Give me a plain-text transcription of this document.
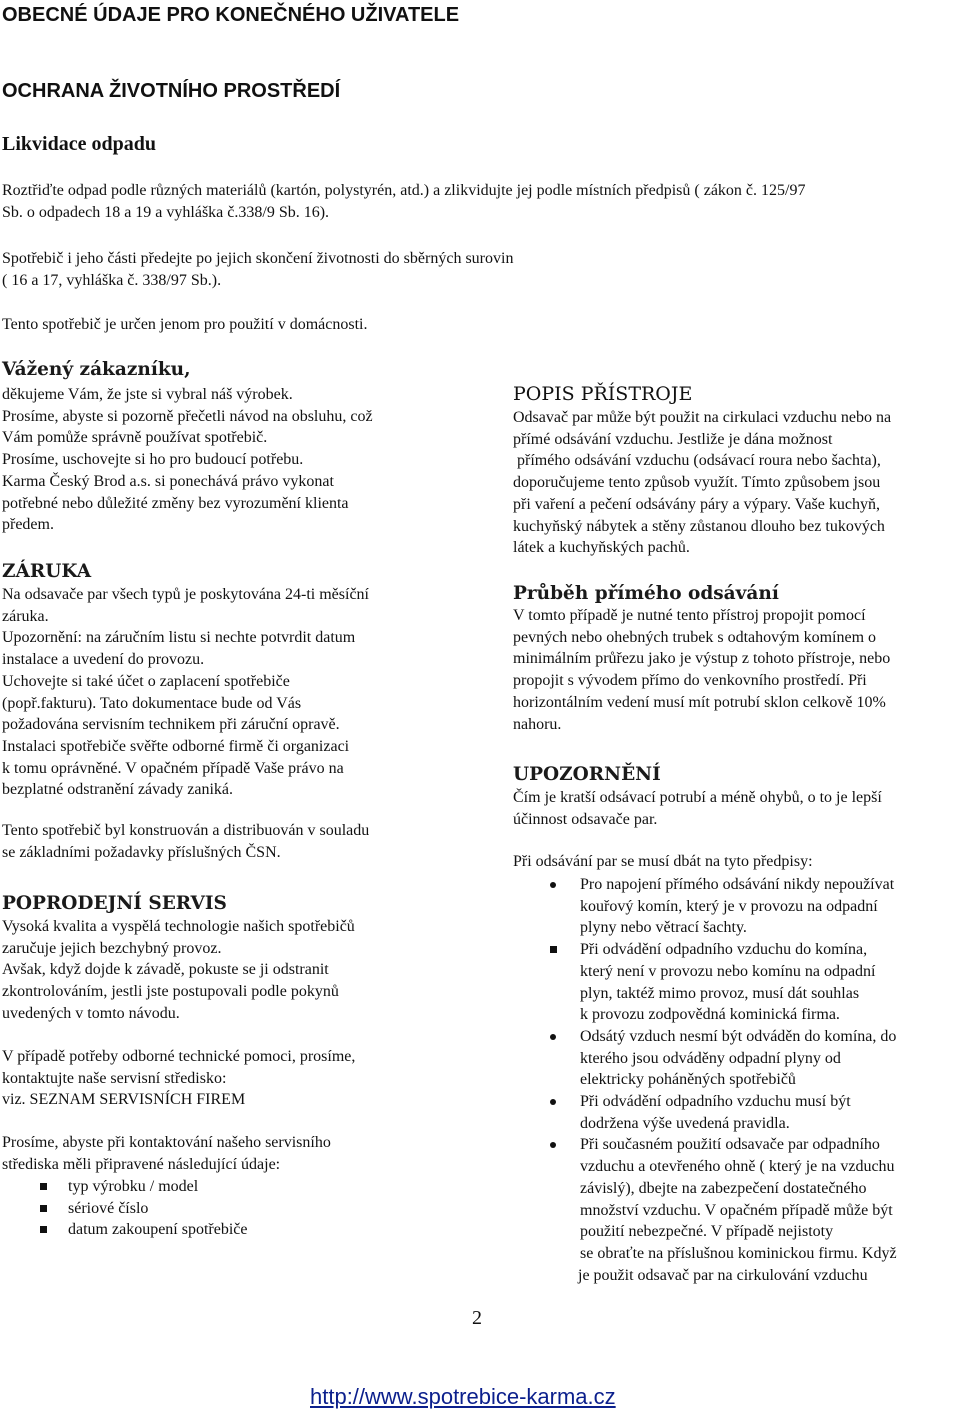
OBECNÉ ÚDAJE PRO KONEČNÉHO UŽIVATELE
OCHRANA ŽIVOTNÍHO PROSTŘEDÍ
Likvidace odpadu
Roztřiďte odpad podle různých materiálů (kartón, polystyrén, atd.) a zlikvidujte jej podle místních předpisů ( zákon č. 125/97
Sb. o odpadech 18 a 19 a vyhláška č.338/9 Sb. 16).
Spotřebič i jeho části předejte po jejich skončení životnosti do sběrných surovin
( 16 a 17, vyhláška č. 338/97 Sb.).
Tento spotřebič je určen jenom pro použití v domácnosti.
Vážený zákazníku,
děkujeme Vám, že jste si vybral náš výrobek.
Prosíme, abyste si pozorně přečetli návod na obsluhu, což
Vám pomůže správně používat spotřebič.
Prosíme, uschovejte si ho pro budoucí potřebu.
Karma Český Brod a.s. si ponechává právo vykonat
potřebné nebo důležité změny bez vyrozumění klienta
předem.
ZÁRUKA
Na odsavače par všech typů je poskytována 24-ti měsíční
záruka.
Upozornění: na záručním listu si nechte potvrdit datum
instalace a uvedení do provozu.
Uchovejte si také účet o zaplacení spotřebiče
(popř.fakturu). Tato dokumentace bude od Vás
požadována servisním technikem při záruční opravě.
Instalaci spotřebiče svěřte odborné firmě či organizaci
k tomu oprávněné. V opačném případě Vaše právo na
bezplatné odstranění závady zaniká.
Tento spotřebič byl konstruován a distribuován v souladu
se základními požadavky příslušných ČSN.
POPRODEJNÍ SERVIS
Vysoká kvalita a vyspělá technologie našich spotřebičů
zaručuje jejich bezchybný provoz.
Avšak, když dojde k závadě, pokuste se ji odstranit
zkontrolováním, jestli jste postupovali podle pokynů
uvedených v tomto návodu.
V případě potřeby odborné technické pomoci, prosíme,
kontaktujte naše servisní středisko:
viz. SEZNAM SERVISNÍCH FIREM
Prosíme, abyste při kontaktování našeho servisního
střediska měli připravené následující údaje:
typ výrobku / model
sériové číslo
datum zakoupení spotřebiče
POPIS PŘÍSTROJE
Odsavač par může být použit na cirkulaci vzduchu nebo na
přímé odsávání vzduchu. Jestliže je dána možnost
přímého odsávání vzduchu (odsávací roura nebo šachta),
doporučujeme tento způsob využít. Tímto způsobem jsou
při vaření a pečení odsávány páry a výpary. Vaše kuchyň,
kuchyňský nábytek a stěny zůstanou dlouho bez tukových
látek a kuchyňských pachů.
Průběh přímého odsávání
V tomto případě je nutné tento přístroj propojit pomocí
pevných nebo ohebných trubek s odtahovým komínem o
minimálním průřezu jako je výstup z tohoto přístroje, nebo
propojit s vývodem přímo do venkovního prostředí. Při
horizontálním vedení musí mít potrubí sklon celkově 10%
nahoru.
UPOZORNĚNÍ
Čím je kratší odsávací potrubí a méně ohybů, o to je lepší
účinnost odsavače par.
Při odsávání par se musí dbát na tyto předpisy:
Pro napojení přímého odsávání nikdy nepoužívat
kouřový komín, který je v provozu na odpadní
plyny nebo větrací šachty.
Při odvádění odpadního vzduchu do komína,
který není v provozu nebo komínu na odpadní
plyn, taktéž mimo provoz, musí dát souhlas
k provozu zodpovědná kominická firma.
Odsátý vzduch nesmí být odváděn do komína, do
kterého jsou odváděny odpadní plyny od
elektricky poháněných spotřebičů
Při odvádění odpadního vzduchu musí být
dodržena výše uvedená pravidla.
Při současném použití odsavače par odpadního
vzduchu a otevřeného ohně ( který je na vzduchu
závislý), dbejte na zabezpečení dostatečného
množství vzduchu. V opačném případě může být
použití nebezpečné. V případě nejistoty
se obraťte na příslušnou kominickou firmu. Když
je použit odsavač par na cirkulování vzduchu
2
http://www.spotrebice-karma.cz
